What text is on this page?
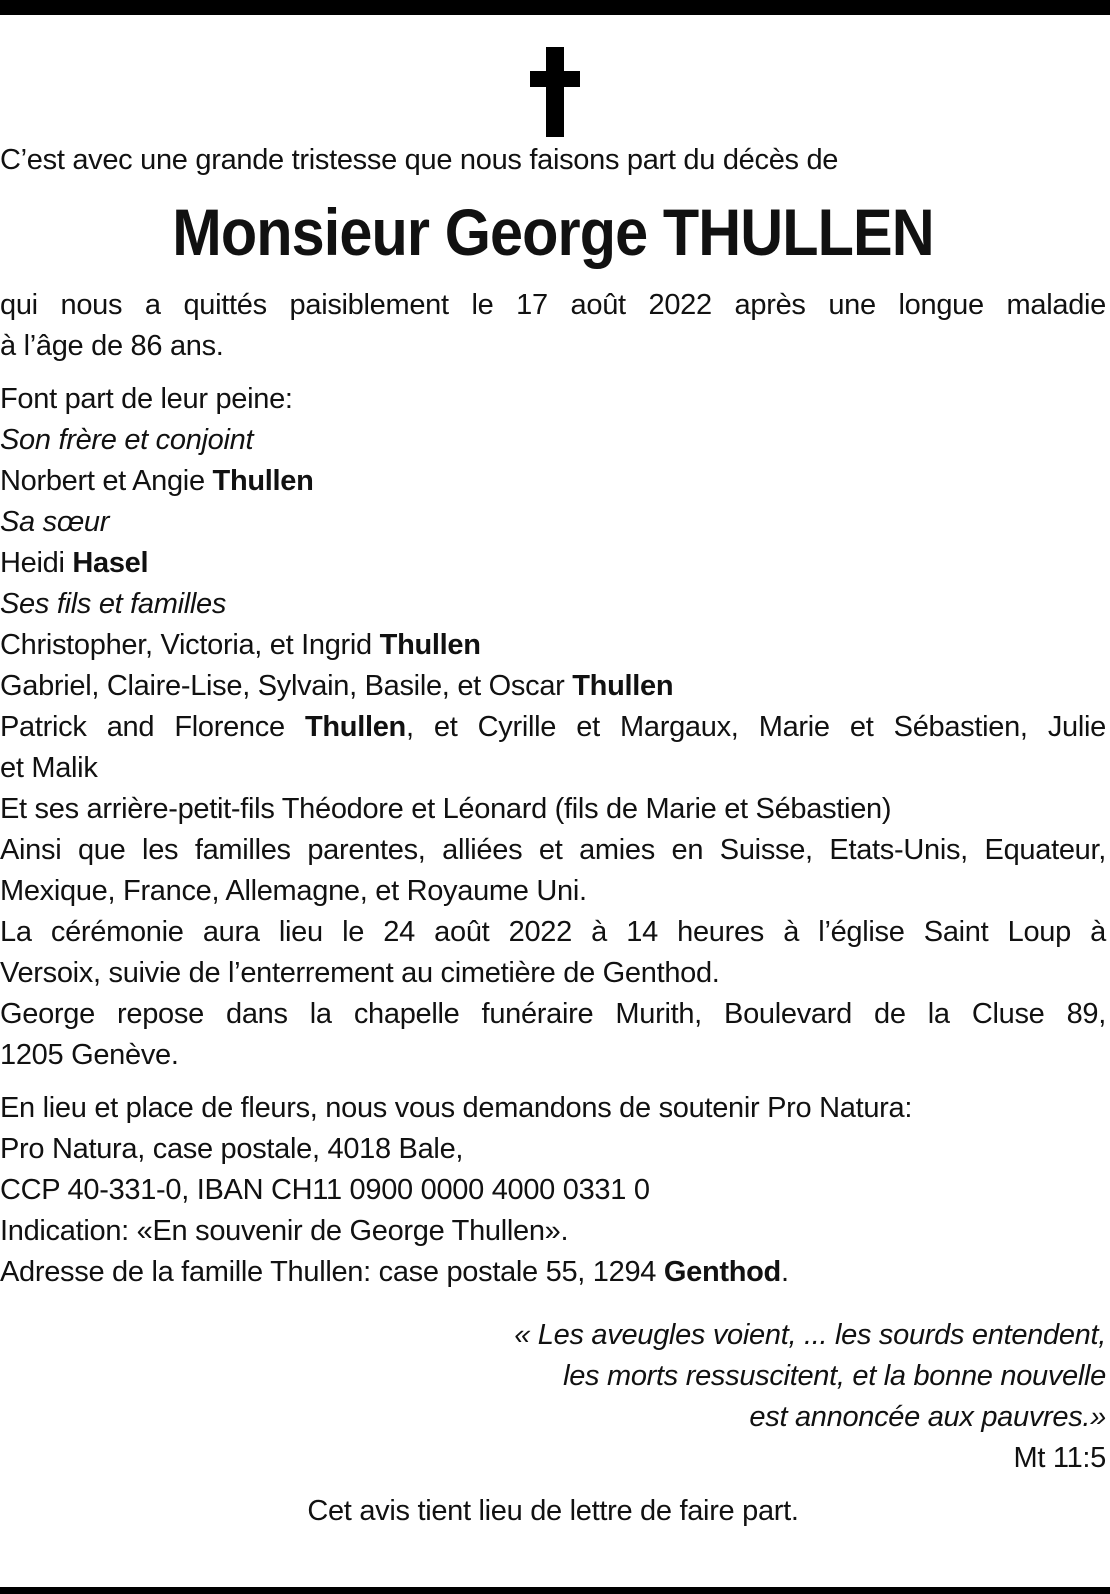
C’est avec une grande tristesse que nous faisons part du décès de

Monsieur George THULLEN

qui nous a quittés paisiblement le 17 août 2022 après une longue maladie

à l’âge de 86 ans.

Font part de leur peine:

Son frère et conjoint

Norbert et Angie Thullen

Sa sœur

Heidi Hasel

Ses fils et familles

Christopher, Victoria, et Ingrid Thullen

Gabriel, Claire-Lise, Sylvain, Basile, et Oscar Thullen

Patrick and Florence Thullen, et Cyrille et Margaux, Marie et Sébastien, Julie

et Malik

Et ses arrière-petit-fils Théodore et Léonard (fils de Marie et Sébastien)

Ainsi que les familles parentes, alliées et amies en Suisse, Etats-Unis, Equateur,

Mexique, France, Allemagne, et Royaume Uni.

La cérémonie aura lieu le 24 août 2022 à 14 heures à l’église Saint Loup à

Versoix, suivie de l’enterrement au cimetière de Genthod.

George repose dans la chapelle funéraire Murith, Boulevard de la Cluse 89,

1205 Genève.

En lieu et place de fleurs, nous vous demandons de soutenir Pro Natura:

Pro Natura, case postale, 4018 Bale,

CCP 40-331-0, IBAN CH11 0900 0000 4000 0331 0

Indication: «En souvenir de George Thullen».

Adresse de la famille Thullen: case postale 55, 1294 Genthod.

« Les aveugles voient, ... les sourds entendent,

les morts ressuscitent, et la bonne nouvelle

est annoncée aux pauvres.»

Mt 11:5

Cet avis tient lieu de lettre de faire part.
